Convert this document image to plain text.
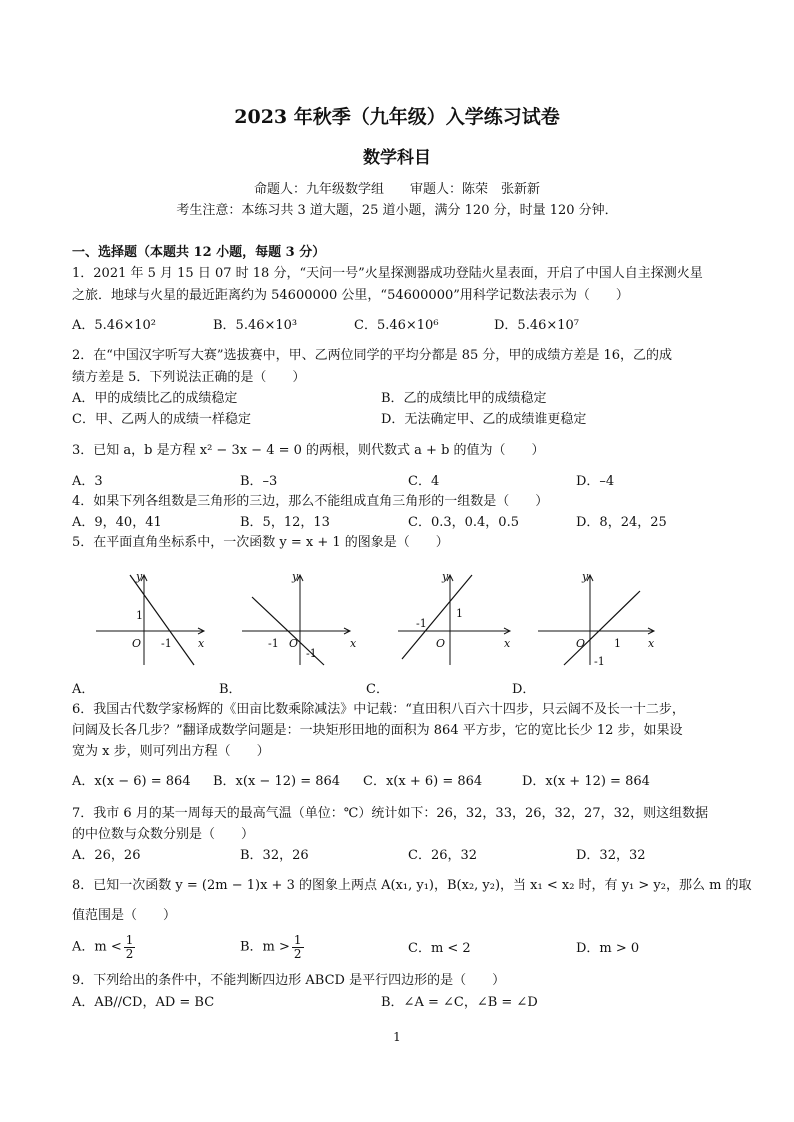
2023 年秋季（九年级）入学练习试卷
数学科目
命题人：九年级数学组　　审题人：陈荣　张新新
考生注意：本练习共 3 道大题，25 道小题，满分 120 分，时量 120 分钟．
一、选择题（本题共 12 小题，每题 3 分）
1．2021 年 5 月 15 日 07 时 18 分，“天问一号”火星探测器成功登陆火星表面，开启了中国人自主探测火星
之旅．地球与火星的最近距离约为 54600000 公里，“54600000”用科学记数法表示为（　　）
A．5.46×10²	B．5.46×10³	C．5.46×10⁶	D．5.46×10⁷
2．在“中国汉字听写大赛”选拔赛中，甲、乙两位同学的平均分都是 85 分，甲的成绩方差是 16，乙的成
绩方差是 5．下列说法正确的是（　　）
A．甲的成绩比乙的成绩稳定	B．乙的成绩比甲的成绩稳定
C．甲、乙两人的成绩一样稳定	D．无法确定甲、乙的成绩谁更稳定
3．已知 a，b 是方程 x² − 3x − 4 = 0 的两根，则代数式 a + b 的值为（　　）
A．3	B．–3	C．4	D．–4
4．如果下列各组数是三角形的三边，那么不能组成直角三角形的一组数是（　　）
A．9，40，41	B．5，12，13	C．0.3，0.4，0.5	D．8，24，25
5．在平面直角坐标系中，一次函数 y = x + 1 的图象是（　　）
y
x
O
1
-1
y
x
O
-1
-1
y
x
O
1
-1
y
x
O	1
-1
A．	B．	C．	D．
6．我国古代数学家杨辉的《田亩比数乘除减法》中记载：“直田积八百六十四步，只云阔不及长一十二步，
问阔及长各几步？”翻译成数学问题是：一块矩形田地的面积为 864 平方步，它的宽比长少 12 步，如果设
宽为 x 步，则可列出方程（　　）
A．x(x − 6) = 864 B．x(x − 12) = 864 C．x(x + 6) = 864	D．x(x + 12) = 864
7．我市 6 月的某一周每天的最高气温（单位：℃）统计如下：26，32，33，26，32，27，32，则这组数据
的中位数与众数分别是（　　）
A．26，26	B．32，26	C．26，32	D．32，32
8．已知一次函数 y = (2m − 1)x + 3 的图象上两点 A(x₁, y₁)，B(x₂, y₂)，当 x₁ < x₂ 时，有 y₁ > y₂，那么 m 的取
值范围是（　　）
A．$m < \frac{1}{2}$	B．$m > \frac{1}{2}$	C．m < 2	D．m > 0
9．下列给出的条件中，不能判断四边形 ABCD 是平行四边形的是（　　）
A．AB//CD，AD = BC	B．∠A = ∠C，∠B = ∠D
1
